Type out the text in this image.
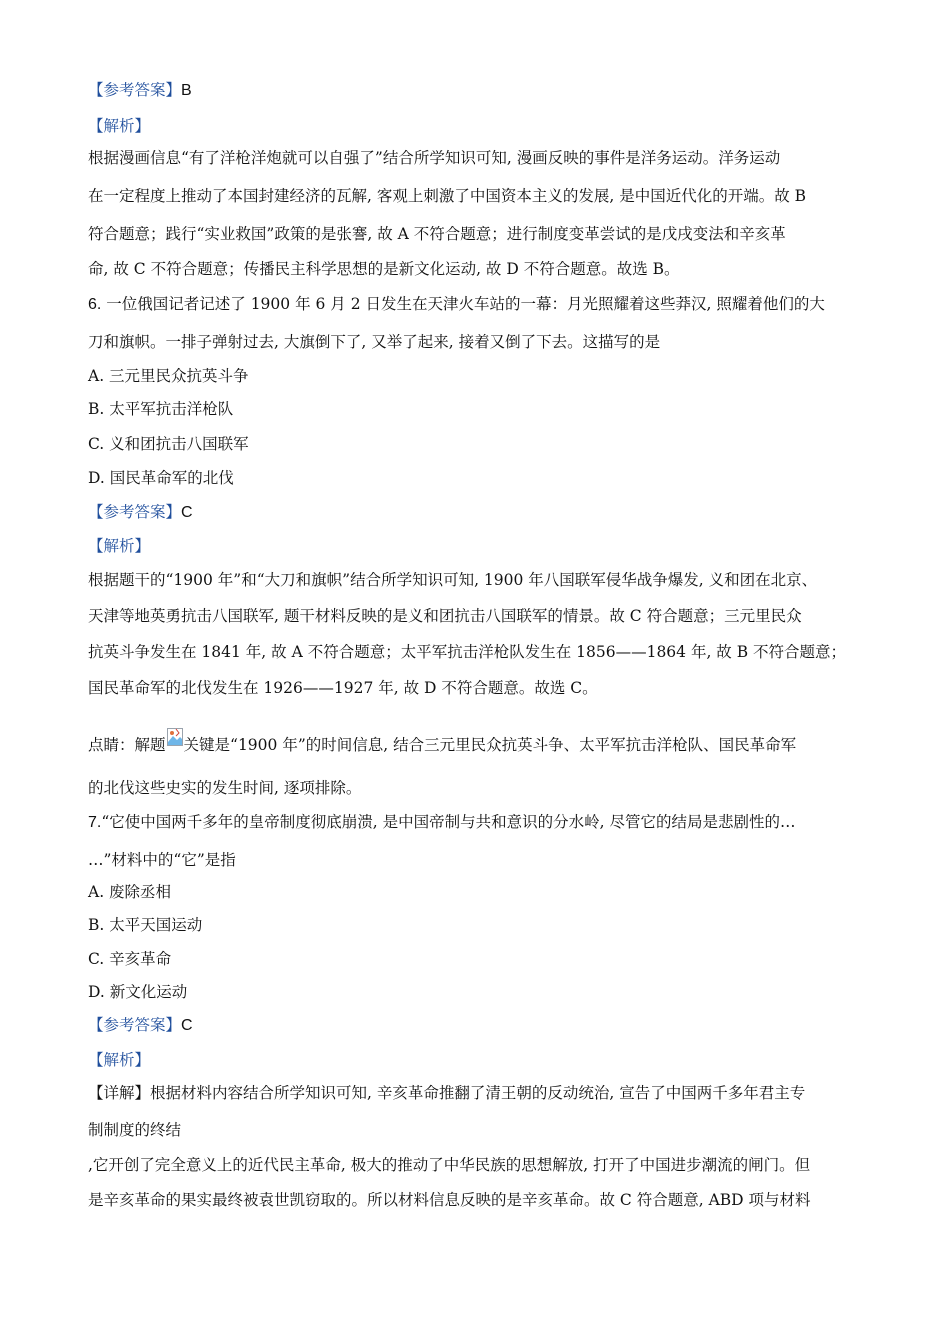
【参考答案】B
【解析】
根据漫画信息“有了洋枪洋炮就可以自强了”结合所学知识可知, 漫画反映的事件是洋务运动。洋务运动
在一定程度上推动了本国封建经济的瓦解, 客观上刺激了中国资本主义的发展, 是中国近代化的开端。故 B
符合题意；践行“实业救国”政策的是张謇, 故 A 不符合题意；进行制度变革尝试的是戊戌变法和辛亥革
命, 故 C 不符合题意；传播民主科学思想的是新文化运动, 故 D 不符合题意。故选 B。
6. 一位俄国记者记述了 1900 年 6 月 2 日发生在天津火车站的一幕：月光照耀着这些莽汉, 照耀着他们的大
刀和旗帜。一排子弹射过去, 大旗倒下了, 又举了起来, 接着又倒了下去。这描写的是
A. 三元里民众抗英斗争
B. 太平军抗击洋枪队
C. 义和团抗击八国联军
D. 国民革命军的北伐
【参考答案】C
【解析】
根据题干的“1900 年”和“大刀和旗帜”结合所学知识可知, 1900 年八国联军侵华战争爆发, 义和团在北京、
天津等地英勇抗击八国联军, 题干材料反映的是义和团抗击八国联军的情景。故 C 符合题意；三元里民众
抗英斗争发生在 1841 年, 故 A 不符合题意；太平军抗击洋枪队发生在 1856——1864 年, 故 B 不符合题意；
国民革命军的北伐发生在 1926——1927 年, 故 D 不符合题意。故选 C。
点睛：解题 关键是“1900 年”的时间信息, 结合三元里民众抗英斗争、太平军抗击洋枪队、国民革命军
的北伐这些史实的发生时间, 逐项排除。
7.“它使中国两千多年的皇帝制度彻底崩溃, 是中国帝制与共和意识的分水岭, 尽管它的结局是悲剧性的…
…”材料中的“它”是指
A. 废除丞相
B. 太平天国运动
C. 辛亥革命
D. 新文化运动
【参考答案】C
【解析】
【详解】根据材料内容结合所学知识可知, 辛亥革命推翻了清王朝的反动统治, 宣告了中国两千多年君主专
制制度的终结
,它开创了完全意义上的近代民主革命, 极大的推动了中华民族的思想解放, 打开了中国进步潮流的闸门。但
是辛亥革命的果实最终被袁世凯窃取的。所以材料信息反映的是辛亥革命。故 C 符合题意, ABD 项与材料
